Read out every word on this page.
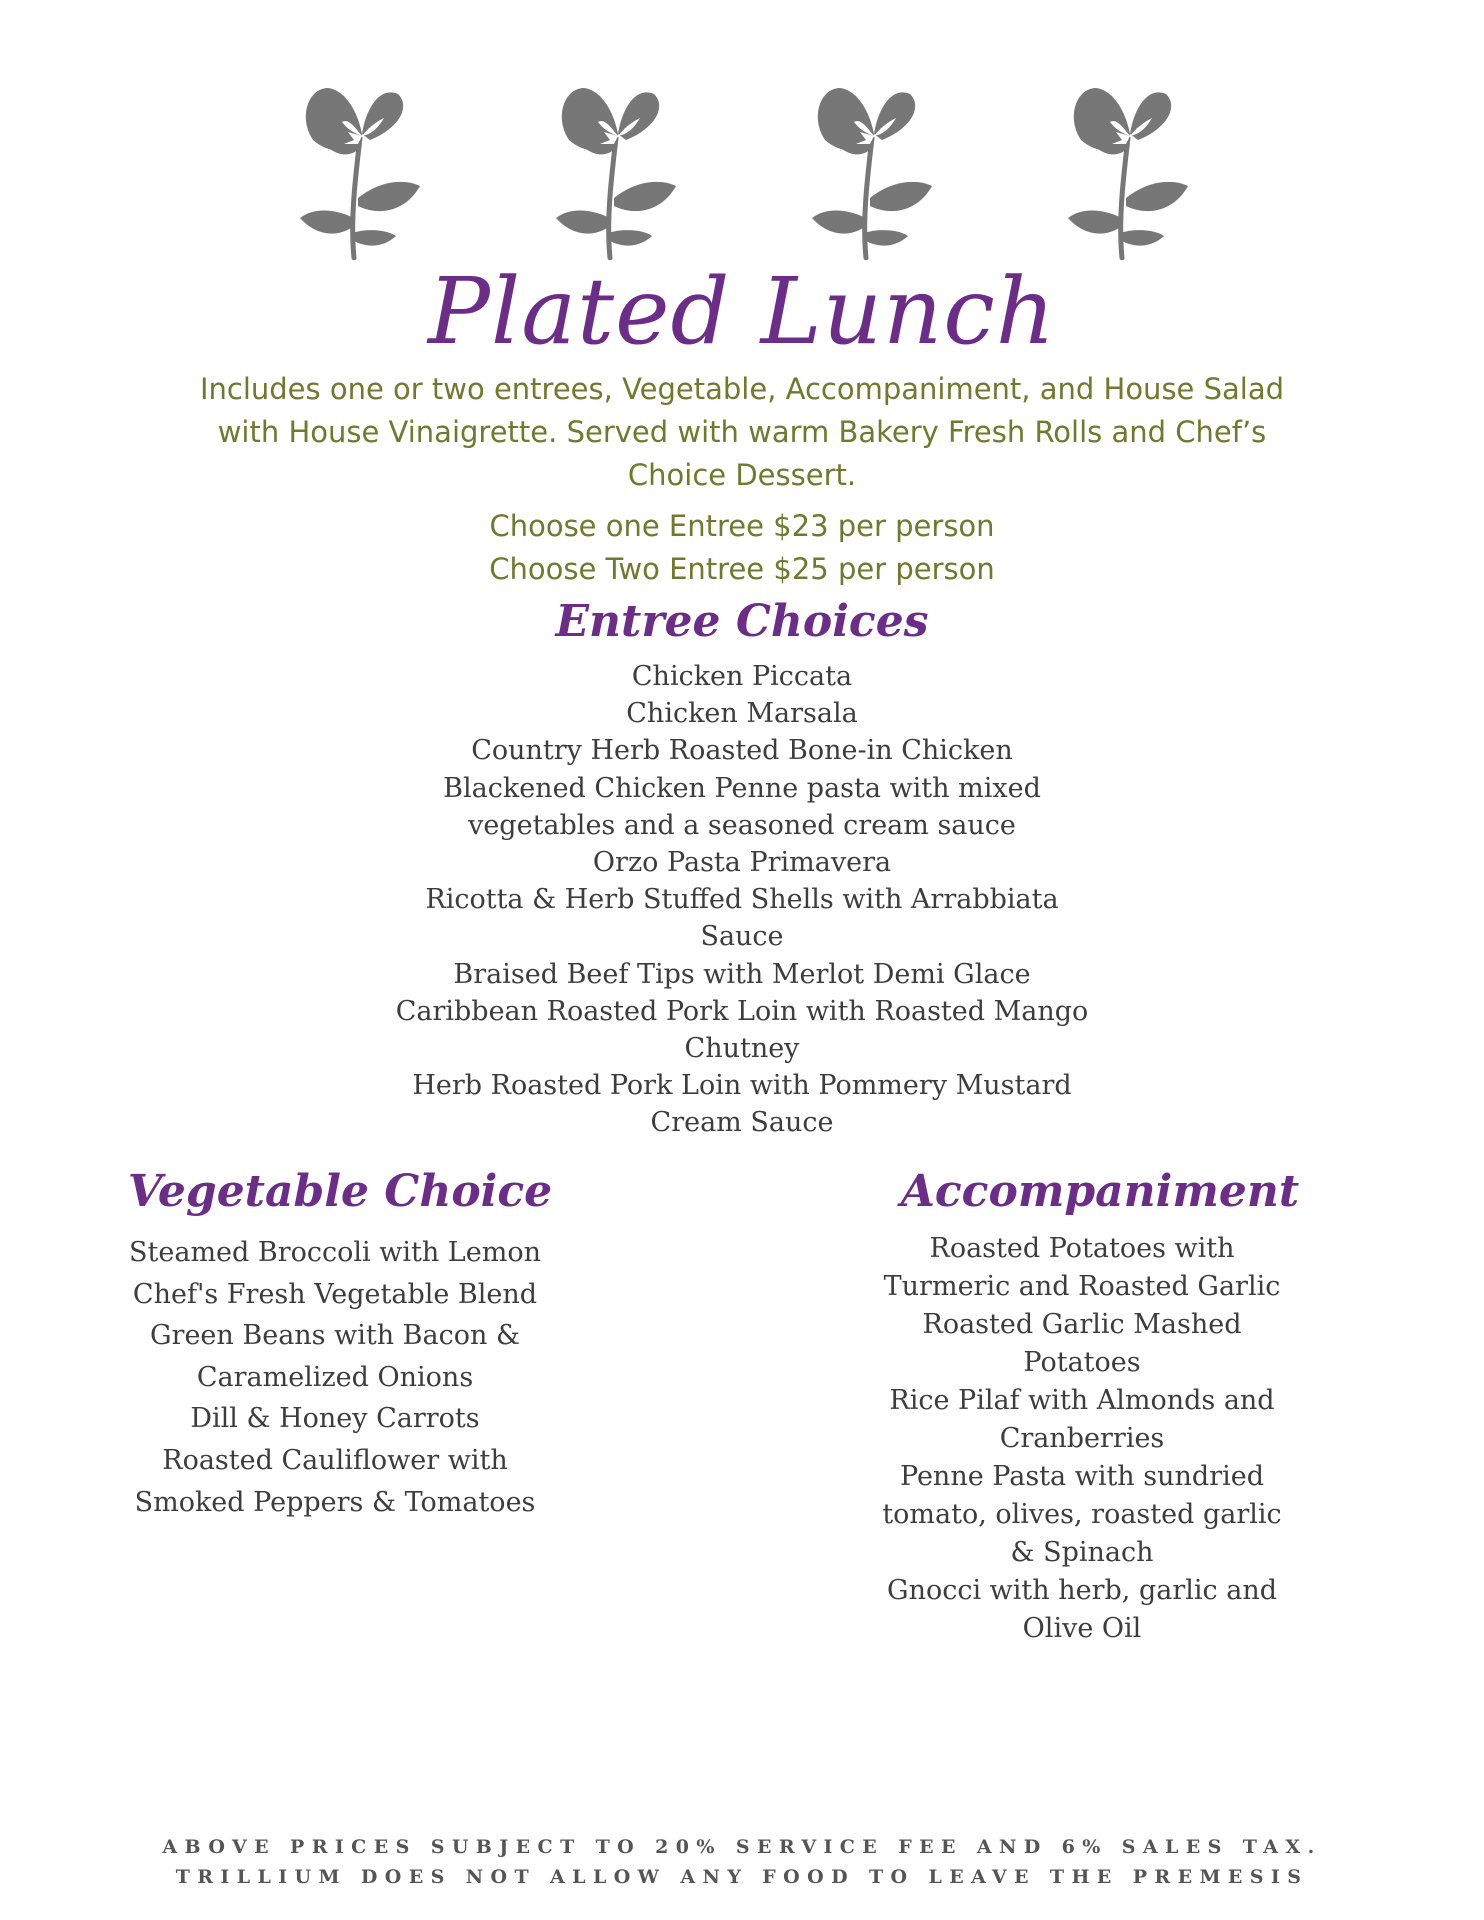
Plated Lunch

Includes one or two entrees, Vegetable, Accompaniment, and House Salad with House Vinaigrette. Served with warm Bakery Fresh Rolls and Chef’s Choice Dessert.

Choose one Entree $23 per person

Choose Two Entree $25 per person

Entree Choices
Chicken Piccata
Chicken Marsala
Country Herb Roasted Bone-in Chicken
Blackened Chicken Penne pasta with mixed vegetables and a seasoned cream sauce
Orzo Pasta Primavera
Ricotta & Herb Stuffed Shells with Arrabbiata Sauce
Braised Beef Tips with Merlot Demi Glace
Caribbean Roasted Pork Loin with Roasted Mango Chutney
Herb Roasted Pork Loin with Pommery Mustard Cream Sauce
Vegetable Choice
Steamed Broccoli with Lemon
Chef's Fresh Vegetable Blend
Green Beans with Bacon & Caramelized Onions
Dill & Honey Carrots
Roasted Cauliflower with Smoked Peppers & Tomatoes
Accompaniment
Roasted Potatoes with Turmeric and Roasted Garlic
Roasted Garlic Mashed Potatoes
Rice Pilaf with Almonds and Cranberries
Penne Pasta with sundried tomato, olives, roasted garlic & Spinach
Gnocci with herb, garlic and Olive Oil
ABOVE PRICES SUBJECT TO 20% SERVICE FEE AND 6% SALES TAX.
TRILLIUM DOES NOT ALLOW ANY FOOD TO LEAVE THE PREMESIS
